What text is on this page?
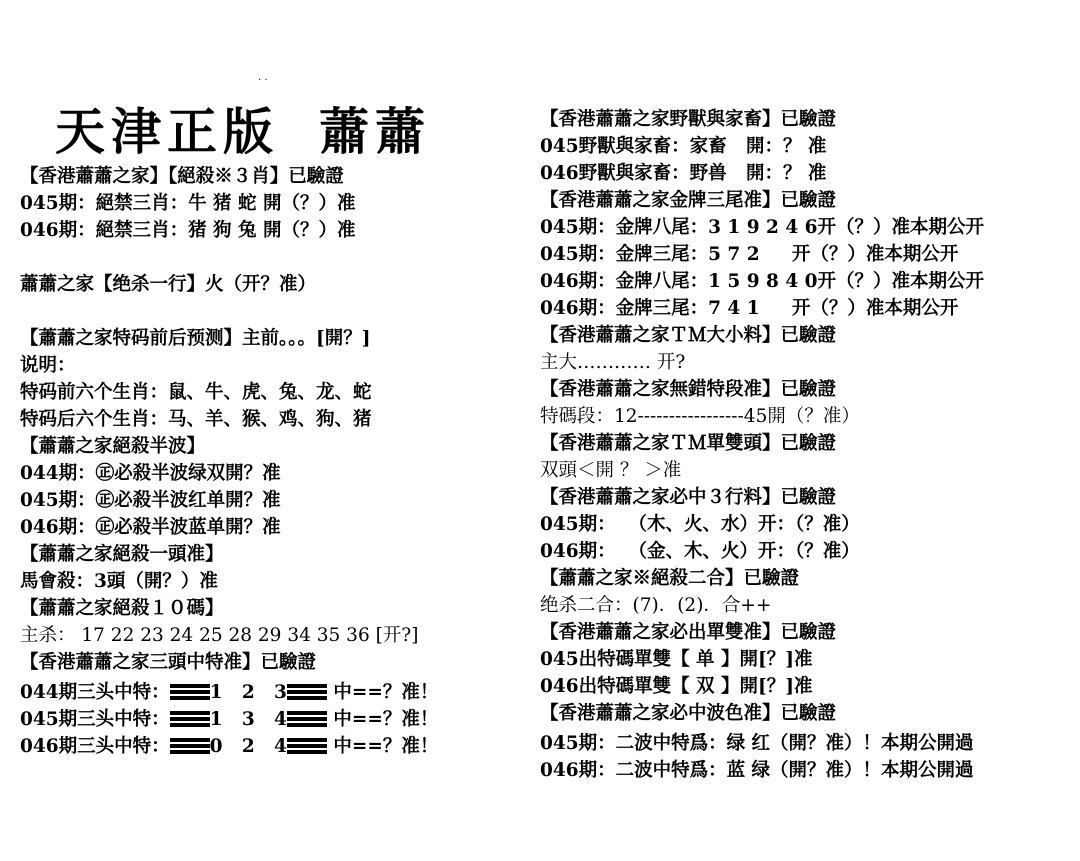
. .
天津正版 蕭蕭
【香港蕭蕭之家】【絕殺※３肖】已驗證
045期：絕禁三肖：牛 猪 蛇 開（？）准
046期：絕禁三肖：猪 狗 兔 開（？）准
蕭蕭之家【绝杀一行】火（开？准）
【蕭蕭之家特码前后预测】主前。。。[開？]
说明：
特码前六个生肖：鼠、牛、虎、兔、龙、蛇
特码后六个生肖：马、羊、猴、鸡、狗、猪
【蕭蕭之家絕殺半波】
044期：㊣必殺半波绿双開？准
045期：㊣必殺半波红单開？准
046期：㊣必殺半波蓝单開？准
【蕭蕭之家絕殺一頭准】
馬會殺：3頭（開？）准
【蕭蕭之家絕殺１０碼】
主杀： 17 22 23 24 25 28 29 34 35 36 [开?]
【香港蕭蕭之家三頭中特准】已驗證
044期三头中特： 1   2   3
中==？准！
045期三头中特： 1   3   4
中==？准！
046期三头中特： 0   2   4
中==？准！
【香港蕭蕭之家野獸與家畜】已驗證
045野獸與家畜：家畜   開：？ 准
046野獸與家畜：野兽   開：？ 准
【香港蕭蕭之家金牌三尾准】已驗證
045期：金牌八尾：3 1 9 2 4 6开（？）准本期公开
045期：金牌三尾：5 7 2     开（？）准本期公开
046期：金牌八尾：1 5 9 8 4 0开（？）准本期公开
046期：金牌三尾：7 4 1     开（？）准本期公开
【香港蕭蕭之家ＴＭ大小料】已驗證
主大………… 开?
【香港蕭蕭之家無錯特段准】已驗證
特碼段：12-----------------45開（？准）
【香港蕭蕭之家ＴＭ單雙頭】已驗證
双頭＜開 ？ ＞准
【香港蕭蕭之家必中３行料】已驗證
045期：  （木、火、水）开：（？准）
046期：  （金、木、火）开：（？准）
【蕭蕭之家※絕殺二合】已驗證
绝杀二合：(7)．(2)．合++
【香港蕭蕭之家必出單雙准】已驗證
045出特碼單雙【 单 】開[？]准
046出特碼單雙【 双 】開[？]准
【香港蕭蕭之家必中波色准】已驗證
045期：二波中特爲：绿 红（開？准）！本期公開過
046期：二波中特爲：蓝 绿（開？准）！本期公開過
